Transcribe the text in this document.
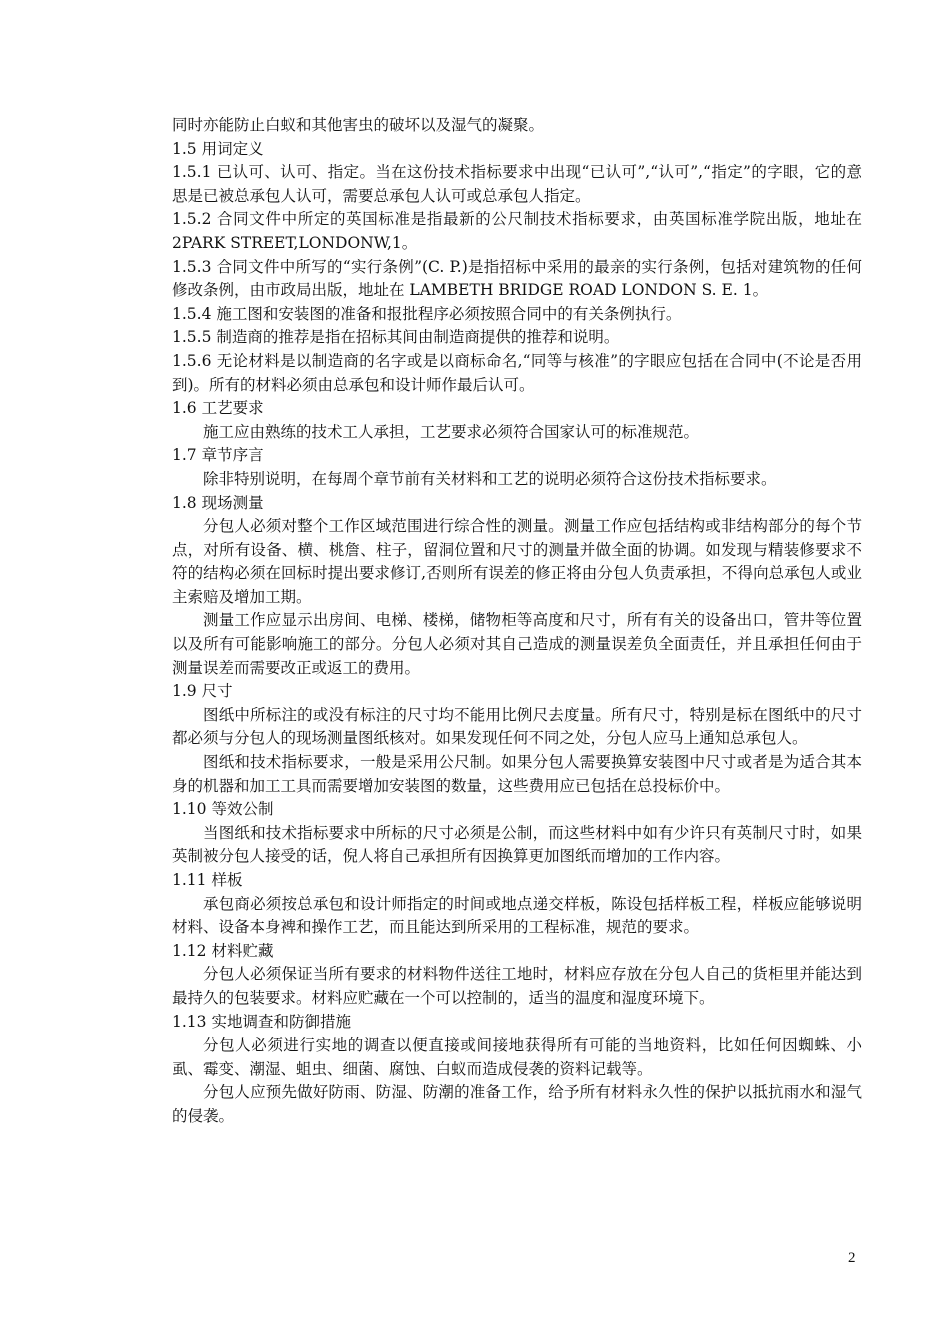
同时亦能防止白蚁和其他害虫的破坏以及湿气的凝聚。

1.5 用词定义

1.5.1 已认可、认可、指定。当在这份技术指标要求中出现“已认可”,“认可”,“指定”的字眼，它的意思是已被总承包人认可，需要总承包人认可或总承包人指定。

1.5.2 合同文件中所定的英国标准是指最新的公尺制技术指标要求，由英国标准学院出版，地址在 2PARK STREET,LONDONW,1。

1.5.3 合同文件中所写的“实行条例”(C. P.)是指招标中采用的最亲的实行条例，包括对建筑物的任何修改条例，由市政局出版，地址在 LAMBETH BRIDGE ROAD LONDON S. E. 1。

1.5.4 施工图和安装图的准备和报批程序必须按照合同中的有关条例执行。

1.5.5 制造商的推荐是指在招标其间由制造商提供的推荐和说明。

1.5.6 无论材料是以制造商的名字或是以商标命名,“同等与核准”的字眼应包括在合同中(不论是否用到)。所有的材料必须由总承包和设计师作最后认可。

1.6 工艺要求

施工应由熟练的技术工人承担，工艺要求必须符合国家认可的标准规范。

1.7 章节序言

除非特别说明，在每周个章节前有关材料和工艺的说明必须符合这份技术指标要求。

1.8 现场测量

分包人必须对整个工作区域范围进行综合性的测量。测量工作应包括结构或非结构部分的每个节点，对所有设备、横、桃詹、柱子，留洞位置和尺寸的测量并做全面的协调。如发现与精装修要求不符的结构必须在回标时提出要求修订,否则所有误差的修正将由分包人负责承担，不得向总承包人或业主索赔及增加工期。

测量工作应显示出房间、电梯、楼梯，储物柜等高度和尺寸，所有有关的设备出口，管井等位置以及所有可能影响施工的部分。分包人必须对其自己造成的测量误差负全面责任，并且承担任何由于测量误差而需要改正或返工的费用。

1.9 尺寸

图纸中所标注的或没有标注的尺寸均不能用比例尺去度量。所有尺寸，特别是标在图纸中的尺寸都必须与分包人的现场测量图纸核对。如果发现任何不同之处，分包人应马上通知总承包人。

图纸和技术指标要求，一般是采用公尺制。如果分包人需要换算安装图中尺寸或者是为适合其本身的机器和加工工具而需要增加安装图的数量，这些费用应已包括在总投标价中。

1.10 等效公制

当图纸和技术指标要求中所标的尺寸必须是公制，而这些材料中如有少许只有英制尺寸时，如果英制被分包人接受的话，倪人将自己承担所有因换算更加图纸而增加的工作内容。

1.11 样板

承包商必须按总承包和设计师指定的时间或地点递交样板，陈设包括样板工程，样板应能够说明材料、设备本身裨和操作工艺，而且能达到所采用的工程标准，规范的要求。

1.12 材料贮藏

分包人必须保证当所有要求的材料物件送往工地时，材料应存放在分包人自己的货柜里并能达到最持久的包装要求。材料应贮藏在一个可以控制的，适当的温度和湿度环境下。

1.13 实地调查和防御措施

分包人必须进行实地的调查以便直接或间接地获得所有可能的当地资料，比如任何因蜘蛛、小虱、霉变、潮湿、蛆虫、细菌、腐蚀、白蚁而造成侵袭的资料记载等。

分包人应预先做好防雨、防湿、防潮的准备工作，给予所有材料永久性的保护以抵抗雨水和湿气的侵袭。

2
